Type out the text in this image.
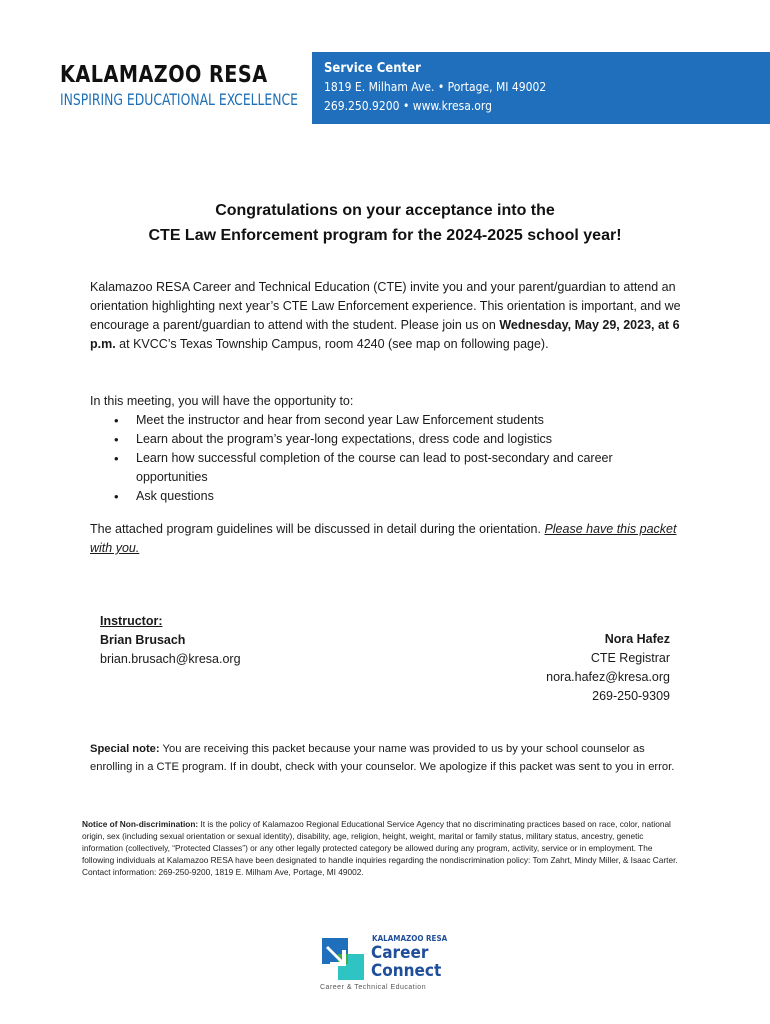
KALAMAZOO RESA
INSPIRING EDUCATIONAL EXCELLENCE
Service Center
1819 E. Milham Ave. • Portage, MI 49002
269.250.9200 • www.kresa.org
Congratulations on your acceptance into the
CTE Law Enforcement program for the 2024-2025 school year!
Kalamazoo RESA Career and Technical Education (CTE) invite you and your parent/guardian to attend an orientation highlighting next year’s CTE Law Enforcement experience. This orientation is important, and we encourage a parent/guardian to attend with the student. Please join us on Wednesday, May 29, 2023, at 6 p.m. at KVCC’s Texas Township Campus, room 4240 (see map on following page).
In this meeting, you will have the opportunity to:
• Meet the instructor and hear from second year Law Enforcement students
• Learn about the program’s year-long expectations, dress code and logistics
• Learn how successful completion of the course can lead to post-secondary and career opportunities
• Ask questions
The attached program guidelines will be discussed in detail during the orientation. Please have this packet with you.
Instructor:
Brian Brusach
brian.brusach@kresa.org
Nora Hafez
CTE Registrar
nora.hafez@kresa.org
269-250-9309
Special note: You are receiving this packet because your name was provided to us by your school counselor as enrolling in a CTE program. If in doubt, check with your counselor. We apologize if this packet was sent to you in error.
Notice of Non-discrimination: It is the policy of Kalamazoo Regional Educational Service Agency that no discriminating practices based on race, color, national origin, sex (including sexual orientation or sexual identity), disability, age, religion, height, weight, marital or family status, military status, ancestry, genetic information (collectively, “Protected Classes”) or any other legally protected category be allowed during any program, activity, service or in employment. The following individuals at Kalamazoo RESA have been designated to handle inquiries regarding the nondiscrimination policy: Tom Zahrt, Mindy Miller, & Isaac Carter. Contact information: 269-250-9200, 1819 E. Milham Ave, Portage, MI 49002.
KALAMAZOO RESA
Career
Connect
Career & Technical Education
